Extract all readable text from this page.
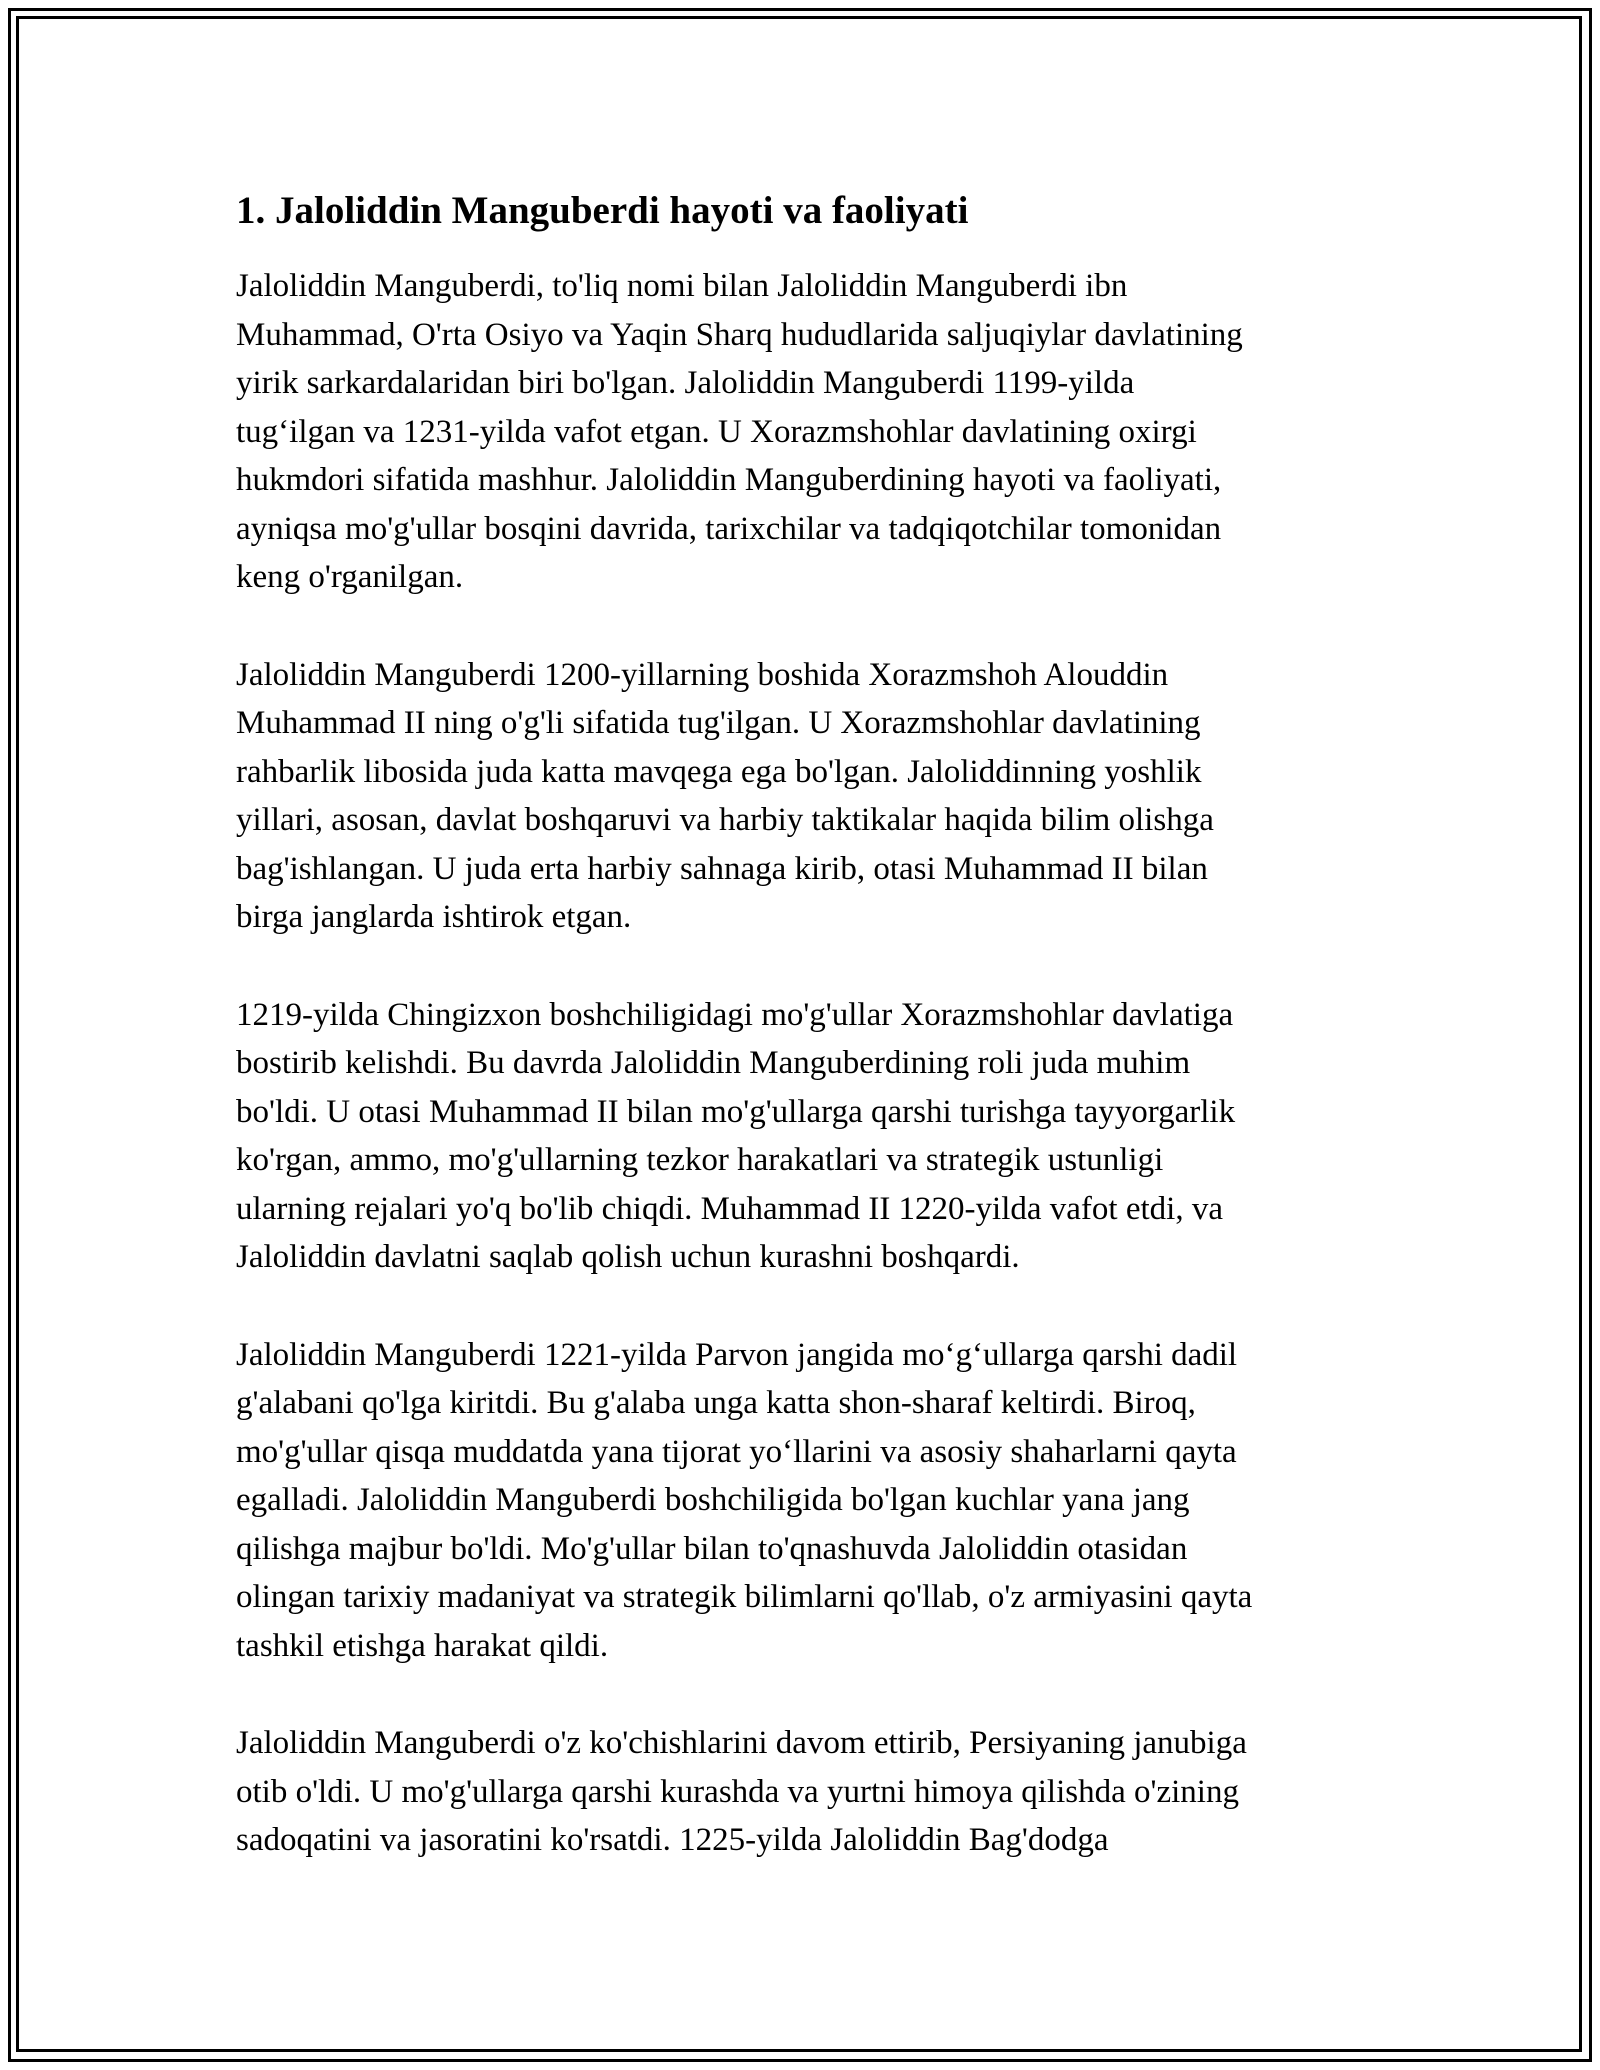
1. Jaloliddin Manguberdi hayoti va faoliyati

Jaloliddin Manguberdi, to'liq nomi bilan Jaloliddin Manguberdi ibn
Muhammad, O'rta Osiyo va Yaqin Sharq hududlarida saljuqiylar davlatining
yirik sarkardalaridan biri bo'lgan. Jaloliddin Manguberdi 1199-yilda
tug‘ilgan va 1231-yilda vafot etgan. U Xorazmshohlar davlatining oxirgi
hukmdori sifatida mashhur. Jaloliddin Manguberdining hayoti va faoliyati,
ayniqsa mo'g'ullar bosqini davrida, tarixchilar va tadqiqotchilar tomonidan
keng o'rganilgan.

Jaloliddin Manguberdi 1200-yillarning boshida Xorazmshoh Alouddin
Muhammad II ning o'g'li sifatida tug'ilgan. U Xorazmshohlar davlatining
rahbarlik libosida juda katta mavqega ega bo'lgan. Jaloliddinning yoshlik
yillari, asosan, davlat boshqaruvi va harbiy taktikalar haqida bilim olishga
bag'ishlangan. U juda erta harbiy sahnaga kirib, otasi Muhammad II bilan
birga janglarda ishtirok etgan.

1219-yilda Chingizxon boshchiligidagi mo'g'ullar Xorazmshohlar davlatiga
bostirib kelishdi. Bu davrda Jaloliddin Manguberdining roli juda muhim
bo'ldi. U otasi Muhammad II bilan mo'g'ullarga qarshi turishga tayyorgarlik
ko'rgan, ammo, mo'g'ullarning tezkor harakatlari va strategik ustunligi
ularning rejalari yo'q bo'lib chiqdi. Muhammad II 1220-yilda vafot etdi, va
Jaloliddin davlatni saqlab qolish uchun kurashni boshqardi.

Jaloliddin Manguberdi 1221-yilda Parvon jangida mo‘g‘ullarga qarshi dadil
g'alabani qo'lga kiritdi. Bu g'alaba unga katta shon-sharaf keltirdi. Biroq,
mo'g'ullar qisqa muddatda yana tijorat yo‘llarini va asosiy shaharlarni qayta
egalladi. Jaloliddin Manguberdi boshchiligida bo'lgan kuchlar yana jang
qilishga majbur bo'ldi. Mo'g'ullar bilan to'qnashuvda Jaloliddin otasidan
olingan tarixiy madaniyat va strategik bilimlarni qo'llab, o'z armiyasini qayta
tashkil etishga harakat qildi.

Jaloliddin Manguberdi o'z ko'chishlarini davom ettirib, Persiyaning janubiga
otib o'ldi. U mo'g'ullarga qarshi kurashda va yurtni himoya qilishda o'zining
sadoqatini va jasoratini ko'rsatdi. 1225-yilda Jaloliddin Bag'dodga
